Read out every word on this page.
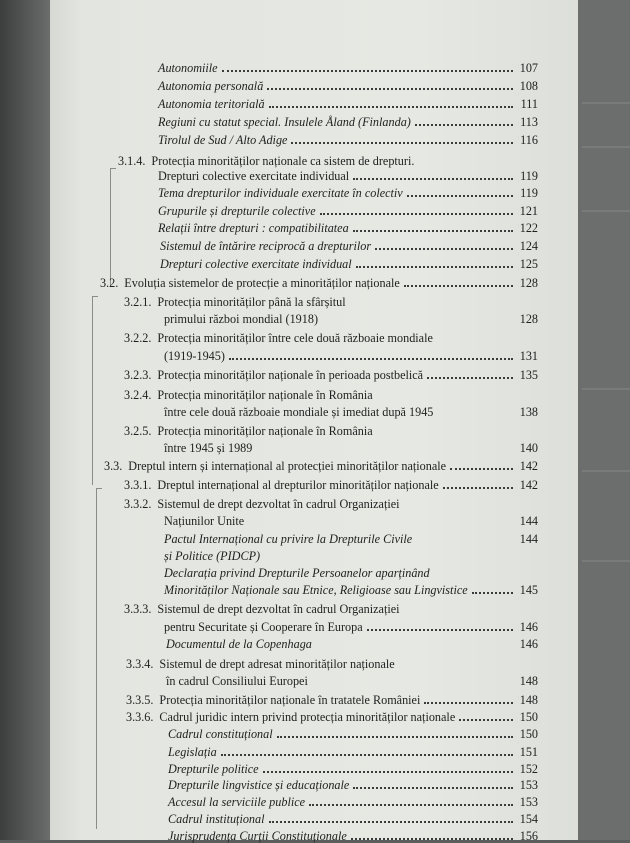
Autonomiile	107
Autonomia personală	108
Autonomia teritorială	111
Regiuni cu statut special. Insulele Åland (Finlanda)	113
Tirolul de Sud / Alto Adige	116
3.1.4. Protecția minorităților naționale ca sistem de drepturi.
Drepturi colective exercitate individual	119
Tema drepturilor individuale exercitate în colectiv	119
Grupurile și drepturile colective	121
Relații între drepturi : compatibilitatea	122
Sistemul de întărire reciprocă a drepturilor	124
Drepturi colective exercitate individual	125
3.2. Evoluția sistemelor de protecție a minorităților naționale	128
3.2.1. Protecția minorităților până la sfârșitul
primului război mondial (1918)	128
3.2.2. Protecția minorităților între cele două războaie mondiale
(1919-1945)	131
3.2.3. Protecția minorităților naționale în perioada postbelică	135
3.2.4. Protecția minorităților naționale în România
între cele două războaie mondiale și imediat după 1945	138
3.2.5. Protecția minorităților naționale în România
între 1945 și 1989	140
3.3. Dreptul intern și internațional al protecției minorităților naționale	142
3.3.1. Dreptul internațional al drepturilor minorităților naționale	142
3.3.2. Sistemul de drept dezvoltat în cadrul Organizației
Națiunilor Unite	144
Pactul Internațional cu privire la Drepturile Civile	144
și Politice (PIDCP)
Declarația privind Drepturile Persoanelor aparținând
Minorităților Naționale sau Etnice, Religioase sau Lingvistice	145
3.3.3. Sistemul de drept dezvoltat în cadrul Organizației
pentru Securitate și Cooperare în Europa	146
Documentul de la Copenhaga	146
3.3.4. Sistemul de drept adresat minorităților naționale
în cadrul Consiliului Europei	148
3.3.5. Protecția minorităților naționale în tratatele României	148
3.3.6. Cadrul juridic intern privind protecția minorităților naționale	150
Cadrul constituțional	150
Legislația	151
Drepturile politice	152
Drepturile lingvistice și educaționale	153
Accesul la serviciile publice	153
Cadrul instituțional	154
Jurisprudența Curții Constituționale	156
